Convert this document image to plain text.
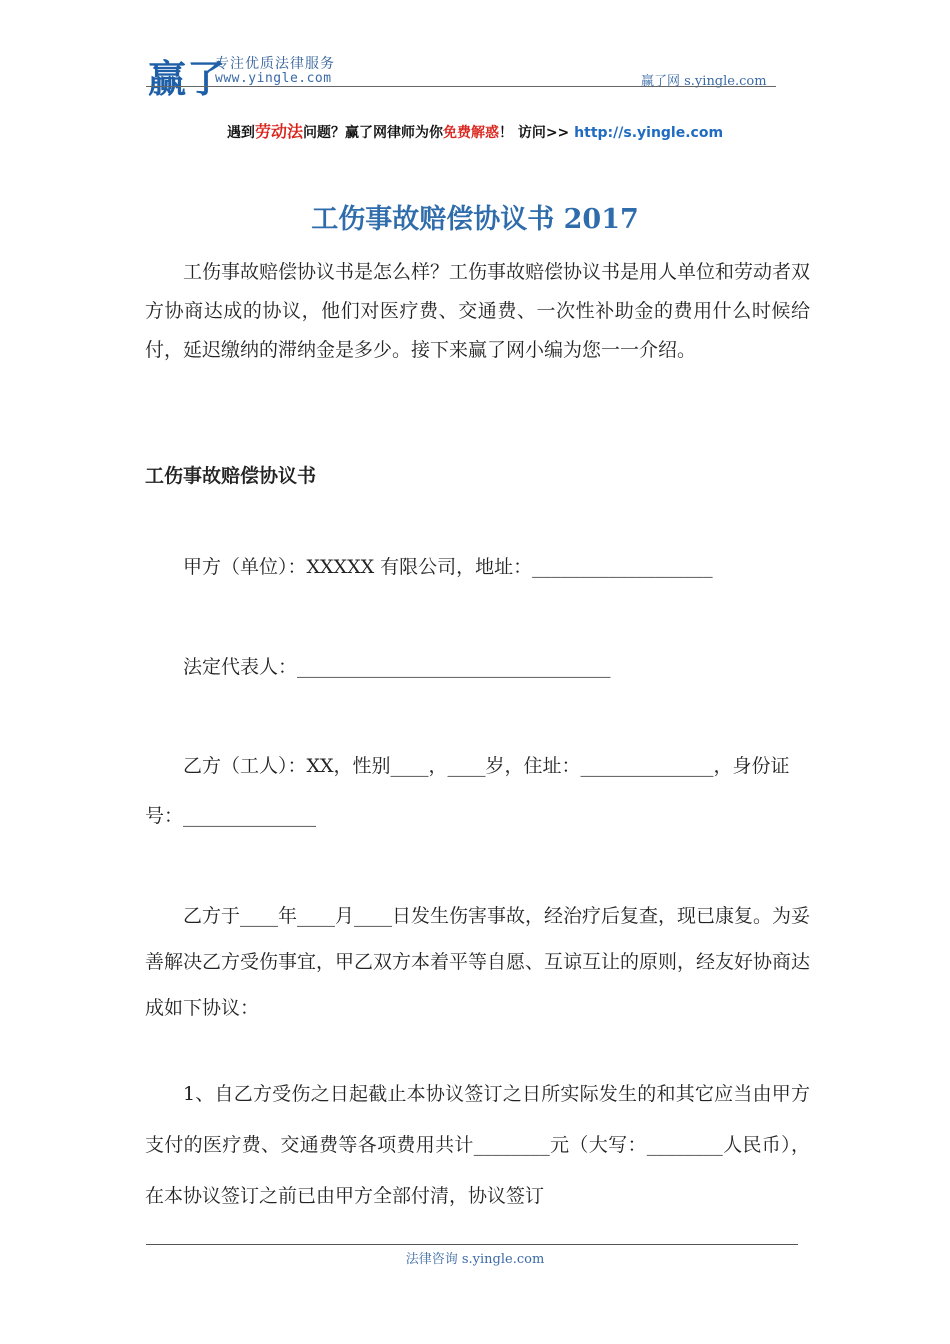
赢了
专注优质法律服务
www.yingle.com	赢了网 s.yingle.com
遇到劳动法问题？赢了网律师为你免费解惑！ 访问>> http://s.yingle.com
工伤事故赔偿协议书 2017
工伤事故赔偿协议书是怎么样？工伤事故赔偿协议书是用人单位和劳动者双方协商达成的协议，他们对医疗费、交通费、一次性补助金的费用什么时候给付，延迟缴纳的滞纳金是多少。接下来赢了网小编为您一一介绍。
工伤事故赔偿协议书
甲方（单位）：XXXXX 有限公司，地址：___________________
法定代表人：_________________________________
乙方（工人）：XX，性别____，____岁，住址：______________，身份证号：______________
乙方于____年____月____日发生伤害事故，经治疗后复查，现已康复。为妥善解决乙方受伤事宜，甲乙双方本着平等自愿、互谅互让的原则，经友好协商达成如下协议：
1、自乙方受伤之日起截止本协议签订之日所实际发生的和其它应当由甲方支付的医疗费、交通费等各项费用共计________元（大写：________人民币），在本协议签订之前已由甲方全部付清，协议签订
法律咨询 s.yingle.com
